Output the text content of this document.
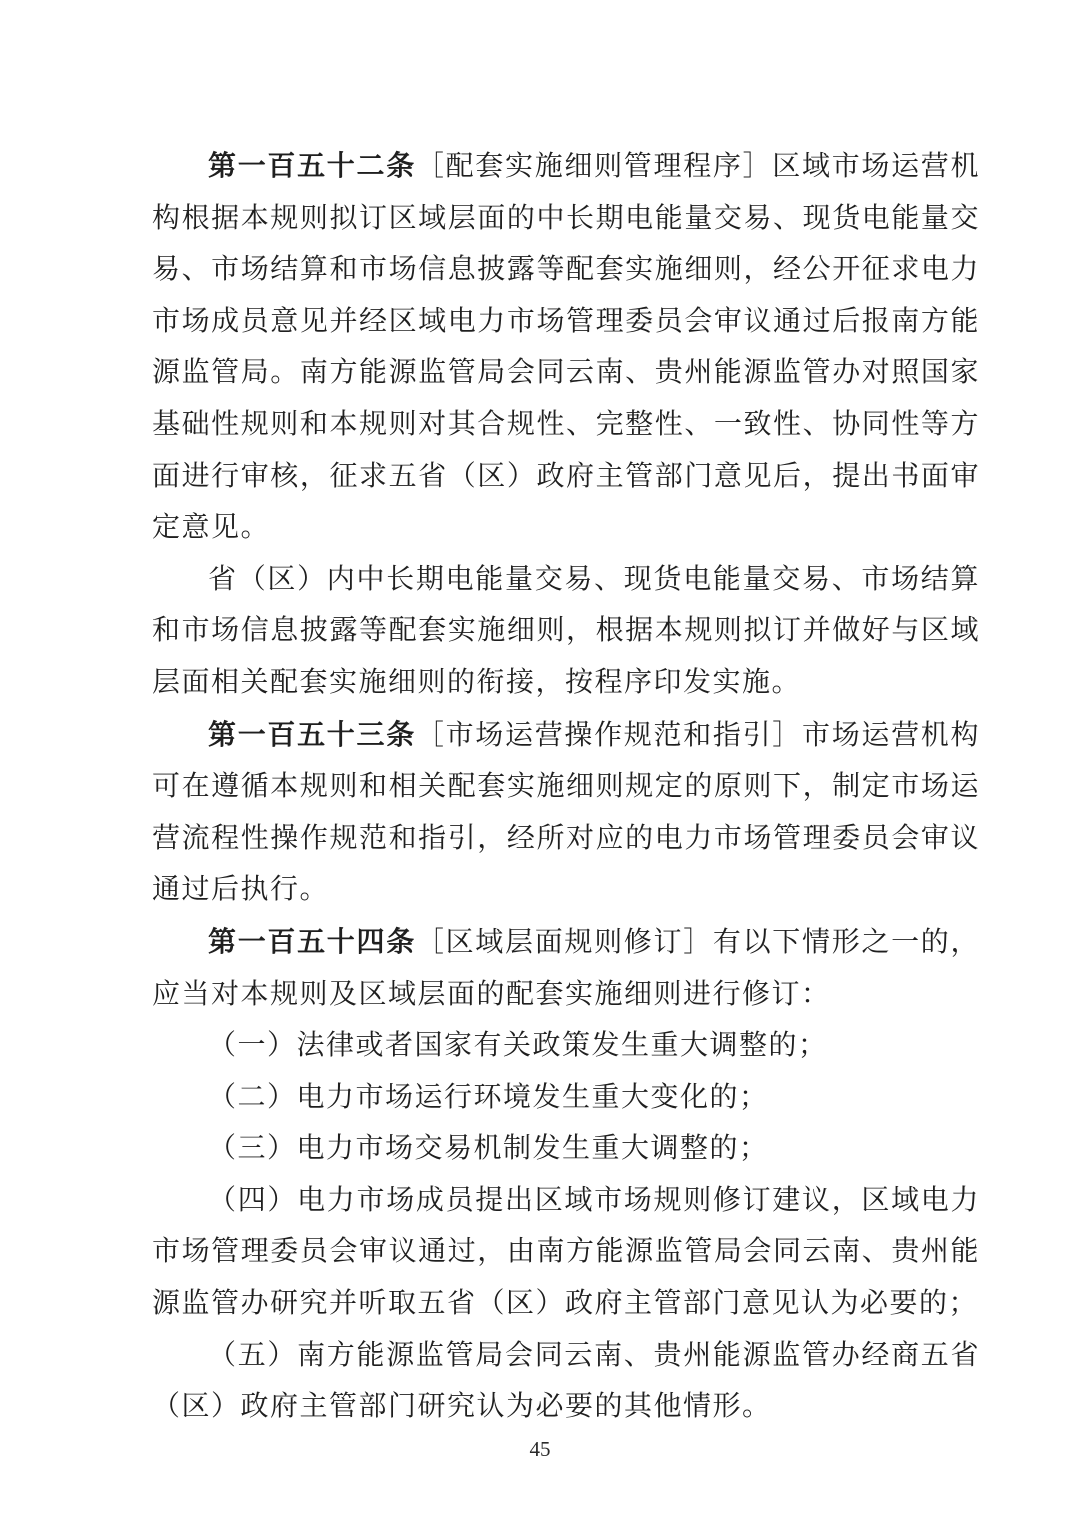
第一百五十二条［配套实施细则管理程序］区域市场运营机构根据本规则拟订区域层面的中长期电能量交易、现货电能量交易、市场结算和市场信息披露等配套实施细则，经公开征求电力市场成员意见并经区域电力市场管理委员会审议通过后报南方能源监管局。南方能源监管局会同云南、贵州能源监管办对照国家基础性规则和本规则对其合规性、完整性、一致性、协同性等方面进行审核，征求五省（区）政府主管部门意见后，提出书面审定意见。

省（区）内中长期电能量交易、现货电能量交易、市场结算和市场信息披露等配套实施细则，根据本规则拟订并做好与区域层面相关配套实施细则的衔接，按程序印发实施。

第一百五十三条［市场运营操作规范和指引］市场运营机构可在遵循本规则和相关配套实施细则规定的原则下，制定市场运营流程性操作规范和指引，经所对应的电力市场管理委员会审议通过后执行。

第一百五十四条［区域层面规则修订］有以下情形之一的，应当对本规则及区域层面的配套实施细则进行修订：

（一）法律或者国家有关政策发生重大调整的；

（二）电力市场运行环境发生重大变化的；

（三）电力市场交易机制发生重大调整的；

（四）电力市场成员提出区域市场规则修订建议，区域电力市场管理委员会审议通过，由南方能源监管局会同云南、贵州能源监管办研究并听取五省（区）政府主管部门意见认为必要的；

（五）南方能源监管局会同云南、贵州能源监管办经商五省（区）政府主管部门研究认为必要的其他情形。

45
